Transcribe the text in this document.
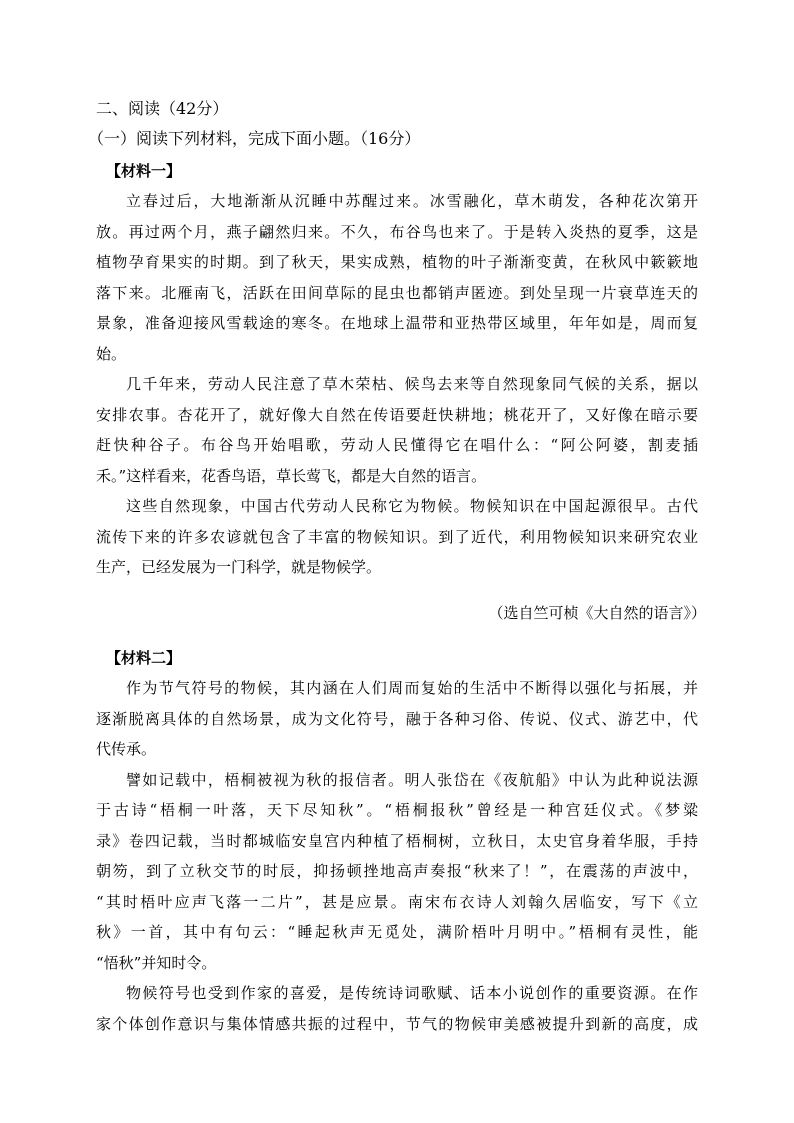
二、阅读（42分）

（一）阅读下列材料，完成下面小题。（16分）

【材料一】

立春过后，大地渐渐从沉睡中苏醒过来。冰雪融化，草木萌发，各种花次第开
放。再过两个月，燕子翩然归来。不久，布谷鸟也来了。于是转入炎热的夏季，这是
植物孕育果实的时期。到了秋天，果实成熟，植物的叶子渐渐变黄，在秋风中簌簌地
落下来。北雁南飞，活跃在田间草际的昆虫也都销声匿迹。到处呈现一片衰草连天的
景象，准备迎接风雪载途的寒冬。在地球上温带和亚热带区域里，年年如是，周而复
始。

几千年来，劳动人民注意了草木荣枯、候鸟去来等自然现象同气候的关系，据以
安排农事。杏花开了，就好像大自然在传语要赶快耕地；桃花开了，又好像在暗示要
赶快种谷子。布谷鸟开始唱歌，劳动人民懂得它在唱什么：“阿公阿婆，割麦插
禾。”这样看来，花香鸟语，草长莺飞，都是大自然的语言。

这些自然现象，中国古代劳动人民称它为物候。物候知识在中国起源很早。古代
流传下来的许多农谚就包含了丰富的物候知识。到了近代，利用物候知识来研究农业
生产，已经发展为一门科学，就是物候学。

（选自竺可桢《大自然的语言》）

【材料二】

作为节气符号的物候，其内涵在人们周而复始的生活中不断得以强化与拓展，并
逐渐脱离具体的自然场景，成为文化符号，融于各种习俗、传说、仪式、游艺中，代
代传承。

譬如记载中，梧桐被视为秋的报信者。明人张岱在《夜航船》中认为此种说法源
于古诗“梧桐一叶落，天下尽知秋”。“梧桐报秋”曾经是一种宫廷仪式。《梦粱
录》卷四记载，当时都城临安皇宫内种植了梧桐树，立秋日，太史官身着华服，手持
朝笏，到了立秋交节的时辰，抑扬顿挫地高声奏报“秋来了！”，在震荡的声波中，
“其时梧叶应声飞落一二片”，甚是应景。南宋布衣诗人刘翰久居临安，写下《立
秋》一首，其中有句云：“睡起秋声无觅处，满阶梧叶月明中。”梧桐有灵性，能
“悟秋”并知时令。

物候符号也受到作家的喜爱，是传统诗词歌赋、话本小说创作的重要资源。在作
家个体创作意识与集体情感共振的过程中，节气的物候审美感被提升到新的高度，成
